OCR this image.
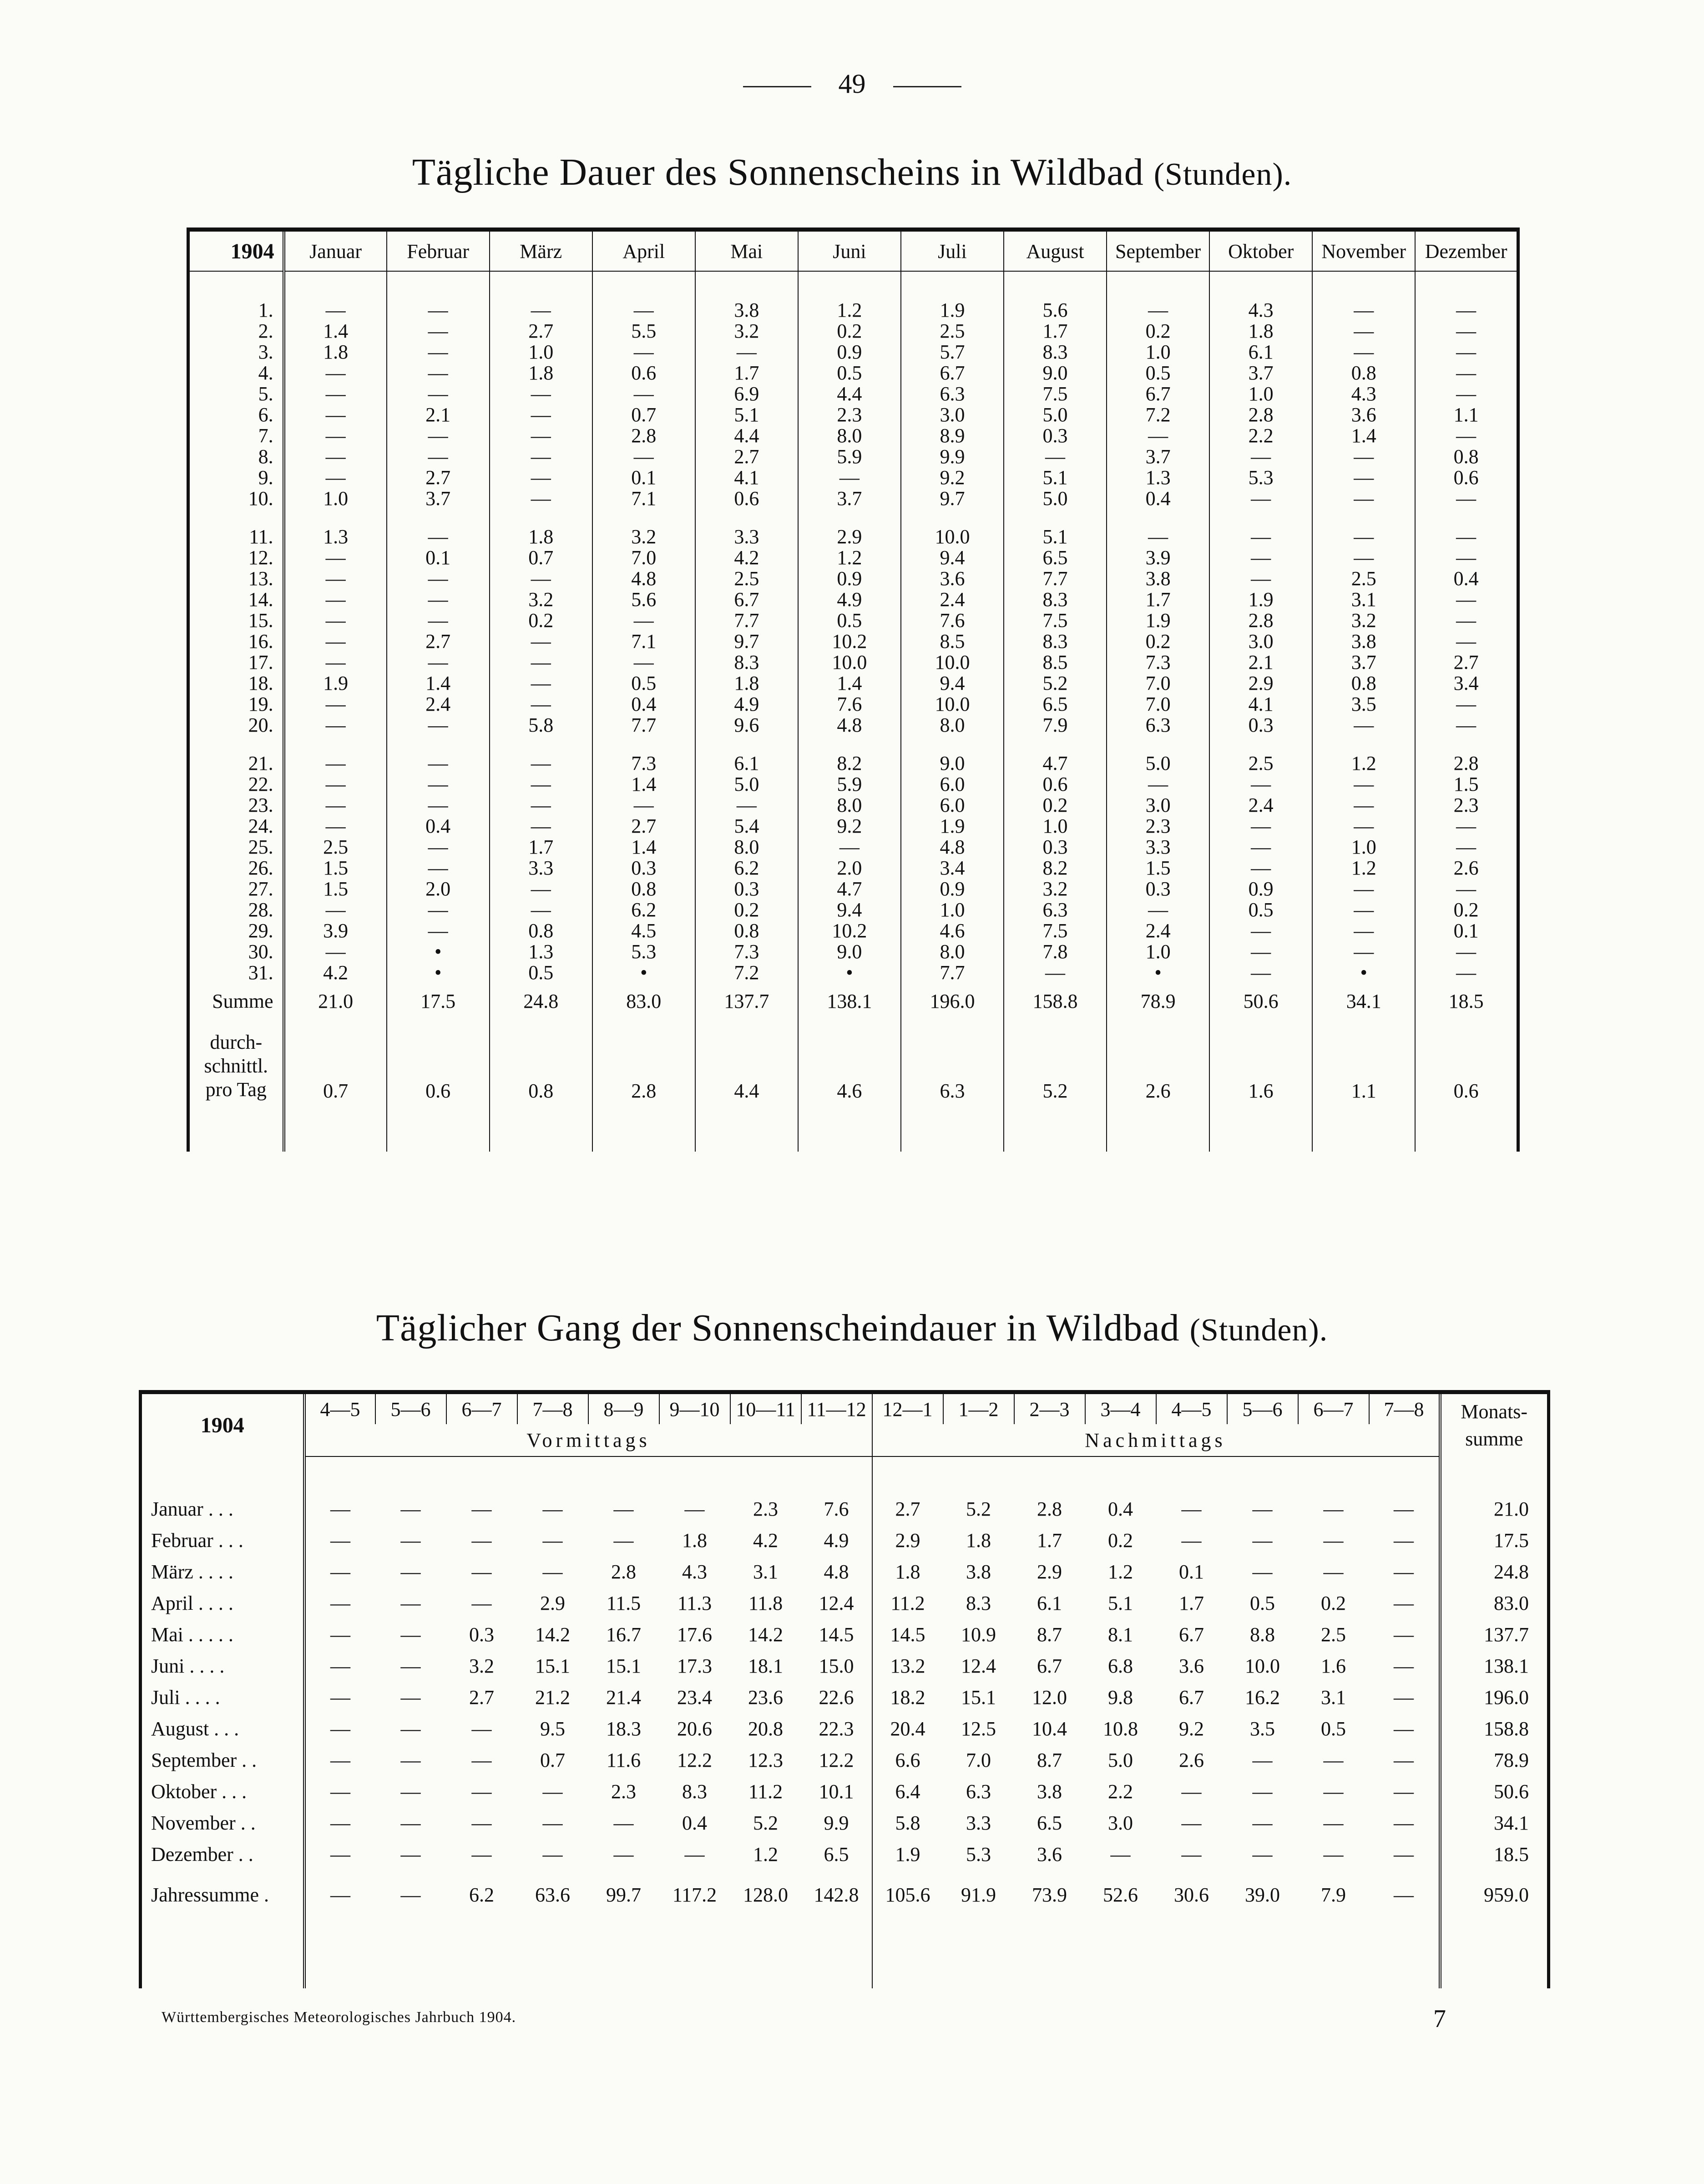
49
Tägliche Dauer des Sonnenscheins in Wildbad (Stunden).
1904	Januar	Februar	März	April	Mai	Juni	Juli	August	September	Oktober	November	Dezember

1.	—	—	—	—	3.8	1.2	1.9	5.6	—	4.3	—	—
2.	1.4	—	2.7	5.5	3.2	0.2	2.5	1.7	0.2	1.8	—	—
3.	1.8	—	1.0	—	—	0.9	5.7	8.3	1.0	6.1	—	—
4.	—	—	1.8	0.6	1.7	0.5	6.7	9.0	0.5	3.7	0.8	—
5.	—	—	—	—	6.9	4.4	6.3	7.5	6.7	1.0	4.3	—
6.	—	2.1	—	0.7	5.1	2.3	3.0	5.0	7.2	2.8	3.6	1.1
7.	—	—	—	2.8	4.4	8.0	8.9	0.3	—	2.2	1.4	—
8.	—	—	—	—	2.7	5.9	9.9	—	3.7	—	—	0.8
9.	—	2.7	—	0.1	4.1	—	9.2	5.1	1.3	5.3	—	0.6
10.	1.0	3.7	—	7.1	0.6	3.7	9.7	5.0	0.4	—	—	—

11.	1.3	—	1.8	3.2	3.3	2.9	10.0	5.1	—	—	—	—
12.	—	0.1	0.7	7.0	4.2	1.2	9.4	6.5	3.9	—	—	—
13.	—	—	—	4.8	2.5	0.9	3.6	7.7	3.8	—	2.5	0.4
14.	—	—	3.2	5.6	6.7	4.9	2.4	8.3	1.7	1.9	3.1	—
15.	—	—	0.2	—	7.7	0.5	7.6	7.5	1.9	2.8	3.2	—
16.	—	2.7	—	7.1	9.7	10.2	8.5	8.3	0.2	3.0	3.8	—
17.	—	—	—	—	8.3	10.0	10.0	8.5	7.3	2.1	3.7	2.7
18.	1.9	1.4	—	0.5	1.8	1.4	9.4	5.2	7.0	2.9	0.8	3.4
19.	—	2.4	—	0.4	4.9	7.6	10.0	6.5	7.0	4.1	3.5	—
20.	—	—	5.8	7.7	9.6	4.8	8.0	7.9	6.3	0.3	—	—

21.	—	—	—	7.3	6.1	8.2	9.0	4.7	5.0	2.5	1.2	2.8
22.	—	—	—	1.4	5.0	5.9	6.0	0.6	—	—	—	1.5
23.	—	—	—	—	—	8.0	6.0	0.2	3.0	2.4	—	2.3
24.	—	0.4	—	2.7	5.4	9.2	1.9	1.0	2.3	—	—	—
25.	2.5	—	1.7	1.4	8.0	—	4.8	0.3	3.3	—	1.0	—
26.	1.5	—	3.3	0.3	6.2	2.0	3.4	8.2	1.5	—	1.2	2.6
27.	1.5	2.0	—	0.8	0.3	4.7	0.9	3.2	0.3	0.9	—	—
28.	—	—	—	6.2	0.2	9.4	1.0	6.3	—	0.5	—	0.2
29.	3.9	—	0.8	4.5	0.8	10.2	4.6	7.5	2.4	—	—	0.1
30.	—	•	1.3	5.3	7.3	9.0	8.0	7.8	1.0	—	—	—
31.	4.2	•	0.5	•	7.2	•	7.7	—	•	—	•	—
Summe	21.0	17.5	24.8	83.0	137.7	138.1	196.0	158.8	78.9	50.6	34.1	18.5

durch-
schnittl.
pro Tag	0.7	0.6	0.8	2.8	4.4	4.6	6.3	5.2	2.6	1.6	1.1	0.6

Täglicher Gang der Sonnenscheindauer in Wildbad (Stunden).
1904	4—5	5—6	6—7	7—8	8—9	9—10	10—11	11—12	12—1	1—2	2—3	3—4	4—5	5—6	6—7	7—8	Monats-
summe

	Vormittags								Nachmittags								

Januar . . .	—	—	—	—	—	—	2.3	7.6	2.7	5.2	2.8	0.4	—	—	—	—	21.0
Februar . . .	—	—	—	—	—	1.8	4.2	4.9	2.9	1.8	1.7	0.2	—	—	—	—	17.5
März . . . .	—	—	—	—	2.8	4.3	3.1	4.8	1.8	3.8	2.9	1.2	0.1	—	—	—	24.8
April . . . .	—	—	—	2.9	11.5	11.3	11.8	12.4	11.2	8.3	6.1	5.1	1.7	0.5	0.2	—	83.0
Mai . . . . .	—	—	0.3	14.2	16.7	17.6	14.2	14.5	14.5	10.9	8.7	8.1	6.7	8.8	2.5	—	137.7
Juni . . . .	—	—	3.2	15.1	15.1	17.3	18.1	15.0	13.2	12.4	6.7	6.8	3.6	10.0	1.6	—	138.1
Juli . . . .	—	—	2.7	21.2	21.4	23.4	23.6	22.6	18.2	15.1	12.0	9.8	6.7	16.2	3.1	—	196.0
August . . .	—	—	—	9.5	18.3	20.6	20.8	22.3	20.4	12.5	10.4	10.8	9.2	3.5	0.5	—	158.8
September . .	—	—	—	0.7	11.6	12.2	12.3	12.2	6.6	7.0	8.7	5.0	2.6	—	—	—	78.9
Oktober . . .	—	—	—	—	2.3	8.3	11.2	10.1	6.4	6.3	3.8	2.2	—	—	—	—	50.6
November . .	—	—	—	—	—	0.4	5.2	9.9	5.8	3.3	6.5	3.0	—	—	—	—	34.1
Dezember . .	—	—	—	—	—	—	1.2	6.5	1.9	5.3	3.6	—	—	—	—	—	18.5
Jahressumme .	—	—	6.2	63.6	99.7	117.2	128.0	142.8	105.6	91.9	73.9	52.6	30.6	39.0	7.9	—	959.0

Württembergisches Meteorologisches Jahrbuch 1904.	7
